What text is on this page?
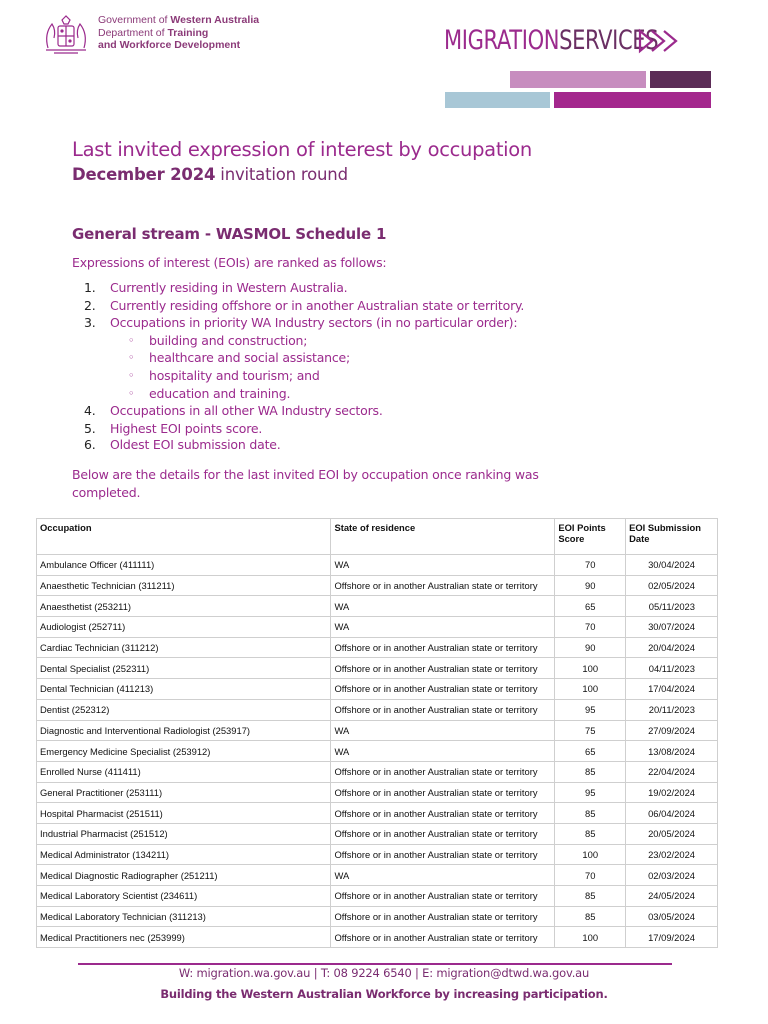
Government of Western Australia
Department of Training
and Workforce Development	MIGRATIONSERVICES
Last invited expression of interest by occupation
December 2024 invitation round
General stream - WASMOL Schedule 1

Expressions of interest (EOIs) are ranked as follows:

1. Currently residing in Western Australia.
2. Currently residing offshore or in another Australian state or territory.
3. Occupations in priority WA Industry sectors (in no particular order):
◦ building and construction;
◦ healthcare and social assistance;
◦ hospitality and tourism; and
◦ education and training.
4. Occupations in all other WA Industry sectors.
5. Highest EOI points score.
6. Oldest EOI submission date.

Below are the details for the last invited EOI by occupation once ranking was completed.

Occupation	State of residence	EOI Points Score	EOI Submission Date
Ambulance Officer (411111)	WA	70	30/04/2024
Anaesthetic Technician (311211)	Offshore or in another Australian state or territory	90	02/05/2024
Anaesthetist (253211)	WA	65	05/11/2023
Audiologist (252711)	WA	70	30/07/2024
Cardiac Technician (311212)	Offshore or in another Australian state or territory	90	20/04/2024
Dental Specialist (252311)	Offshore or in another Australian state or territory	100	04/11/2023
Dental Technician (411213)	Offshore or in another Australian state or territory	100	17/04/2024
Dentist (252312)	Offshore or in another Australian state or territory	95	20/11/2023
Diagnostic and Interventional Radiologist (253917)	WA	75	27/09/2024
Emergency Medicine Specialist (253912)	WA	65	13/08/2024
Enrolled Nurse (411411)	Offshore or in another Australian state or territory	85	22/04/2024
General Practitioner (253111)	Offshore or in another Australian state or territory	95	19/02/2024
Hospital Pharmacist (251511)	Offshore or in another Australian state or territory	85	06/04/2024
Industrial Pharmacist (251512)	Offshore or in another Australian state or territory	85	20/05/2024
Medical Administrator (134211)	Offshore or in another Australian state or territory	100	23/02/2024
Medical Diagnostic Radiographer (251211)	WA	70	02/03/2024
Medical Laboratory Scientist (234611)	Offshore or in another Australian state or territory	85	24/05/2024
Medical Laboratory Technician (311213)	Offshore or in another Australian state or territory	85	03/05/2024
Medical Practitioners nec (253999)	Offshore or in another Australian state or territory	100	17/09/2024
W: migration.wa.gov.au | T: 08 9224 6540 | E: migration@dtwd.wa.gov.au
Building the Western Australian Workforce by increasing participation.
